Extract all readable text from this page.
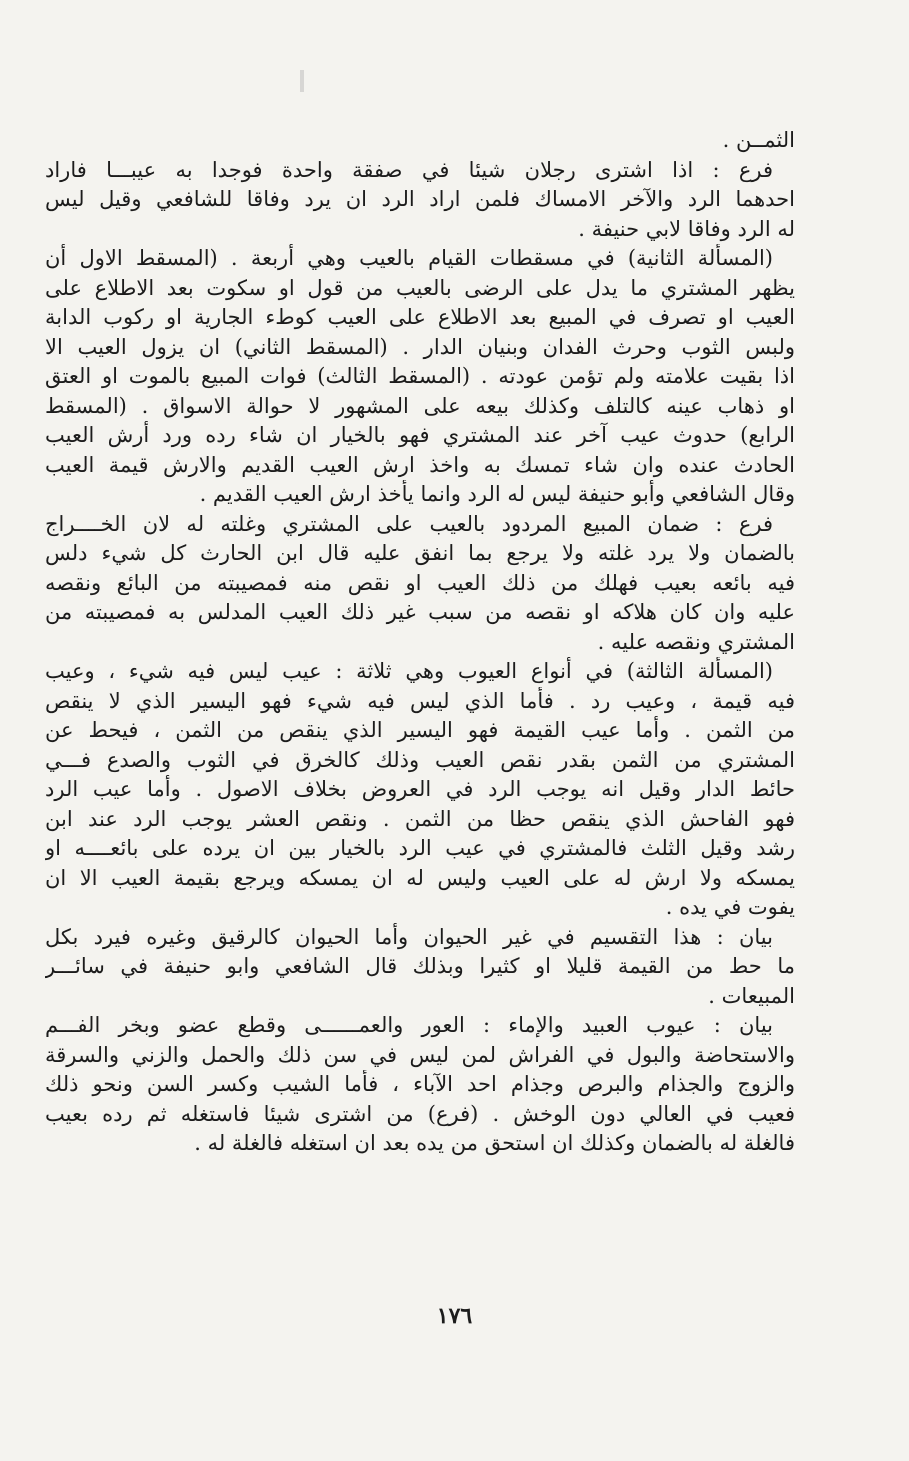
الثمــن .
فرع : اذا اشترى رجلان شيئا في صفقة واحدة فوجدا به عيبـــا فاراد
احدهما الرد والآخر الامساك فلمن اراد الرد ان يرد وفاقا للشافعي وقيل ليس
له الرد وفاقا لابي حنيفة .
(المسألة الثانية) في مسقطات القيام بالعيب وهي أربعة . (المسقط الاول أن
يظهر المشتري ما يدل على الرضى بالعيب من قول او سكوت بعد الاطلاع على
العيب او تصرف في المبيع بعد الاطلاع على العيب كوطء الجارية او ركوب الدابة
ولبس الثوب وحرث الفدان وبنيان الدار . (المسقط الثاني) ان يزول العيب الا
اذا بقيت علامته ولم تؤمن عودته . (المسقط الثالث) فوات المبيع بالموت او العتق
او ذهاب عينه كالتلف وكذلك بيعه على المشهور لا حوالة الاسواق . (المسقط
الرابع) حدوث عيب آخر عند المشتري فهو بالخيار ان شاء رده ورد أرش العيب
الحادث عنده وان شاء تمسك به واخذ ارش العيب القديم والارش قيمة العيب
وقال الشافعي وأبو حنيفة ليس له الرد وانما يأخذ ارش العيب القديم .
فرع : ضمان المبيع المردود بالعيب على المشتري وغلته له لان الخــــراج
بالضمان ولا يرد غلته ولا يرجع بما انفق عليه قال ابن الحارث كل شيء دلس
فيه بائعه بعيب فهلك من ذلك العيب او نقص منه فمصيبته من البائع ونقصه
عليه وان كان هلاكه او نقصه من سبب غير ذلك العيب المدلس به فمصيبته من
المشتري ونقصه عليه .
(المسألة الثالثة) في أنواع العيوب وهي ثلاثة : عيب ليس فيه شيء ، وعيب
فيه قيمة ، وعيب رد . فأما الذي ليس فيه شيء فهو اليسير الذي لا ينقص
من الثمن . وأما عيب القيمة فهو اليسير الذي ينقص من الثمن ، فيحط عن
المشتري من الثمن بقدر نقص العيب وذلك كالخرق في الثوب والصدع فـــي
حائط الدار وقيل انه يوجب الرد في العروض بخلاف الاصول . وأما عيب الرد
فهو الفاحش الذي ينقص حظا من الثمن . ونقص العشر يوجب الرد عند ابن
رشد وقيل الثلث فالمشتري في عيب الرد بالخيار بين ان يرده على بائعــــه او
يمسكه ولا ارش له على العيب وليس له ان يمسكه ويرجع بقيمة العيب الا ان
يفوت في يده .
بيان : هذا التقسيم في غير الحيوان وأما الحيوان كالرقيق وغيره فيرد بكل
ما حط من القيمة قليلا او كثيرا وبذلك قال الشافعي وابو حنيفة في سائـــر
المبيعات .
بيان : عيوب العبيد والإماء : العور والعمــــــى وقطع عضو وبخر الفـــم
والاستحاضة والبول في الفراش لمن ليس في سن ذلك والحمل والزني والسرقة
والزوج والجذام والبرص وجذام احد الآباء ، فأما الشيب وكسر السن ونحو ذلك
فعيب في العالي دون الوخش . (فرع) من اشترى شيئا فاستغله ثم رده بعيب
فالغلة له بالضمان وكذلك ان استحق من يده بعد ان استغله فالغلة له .
١٧٦
